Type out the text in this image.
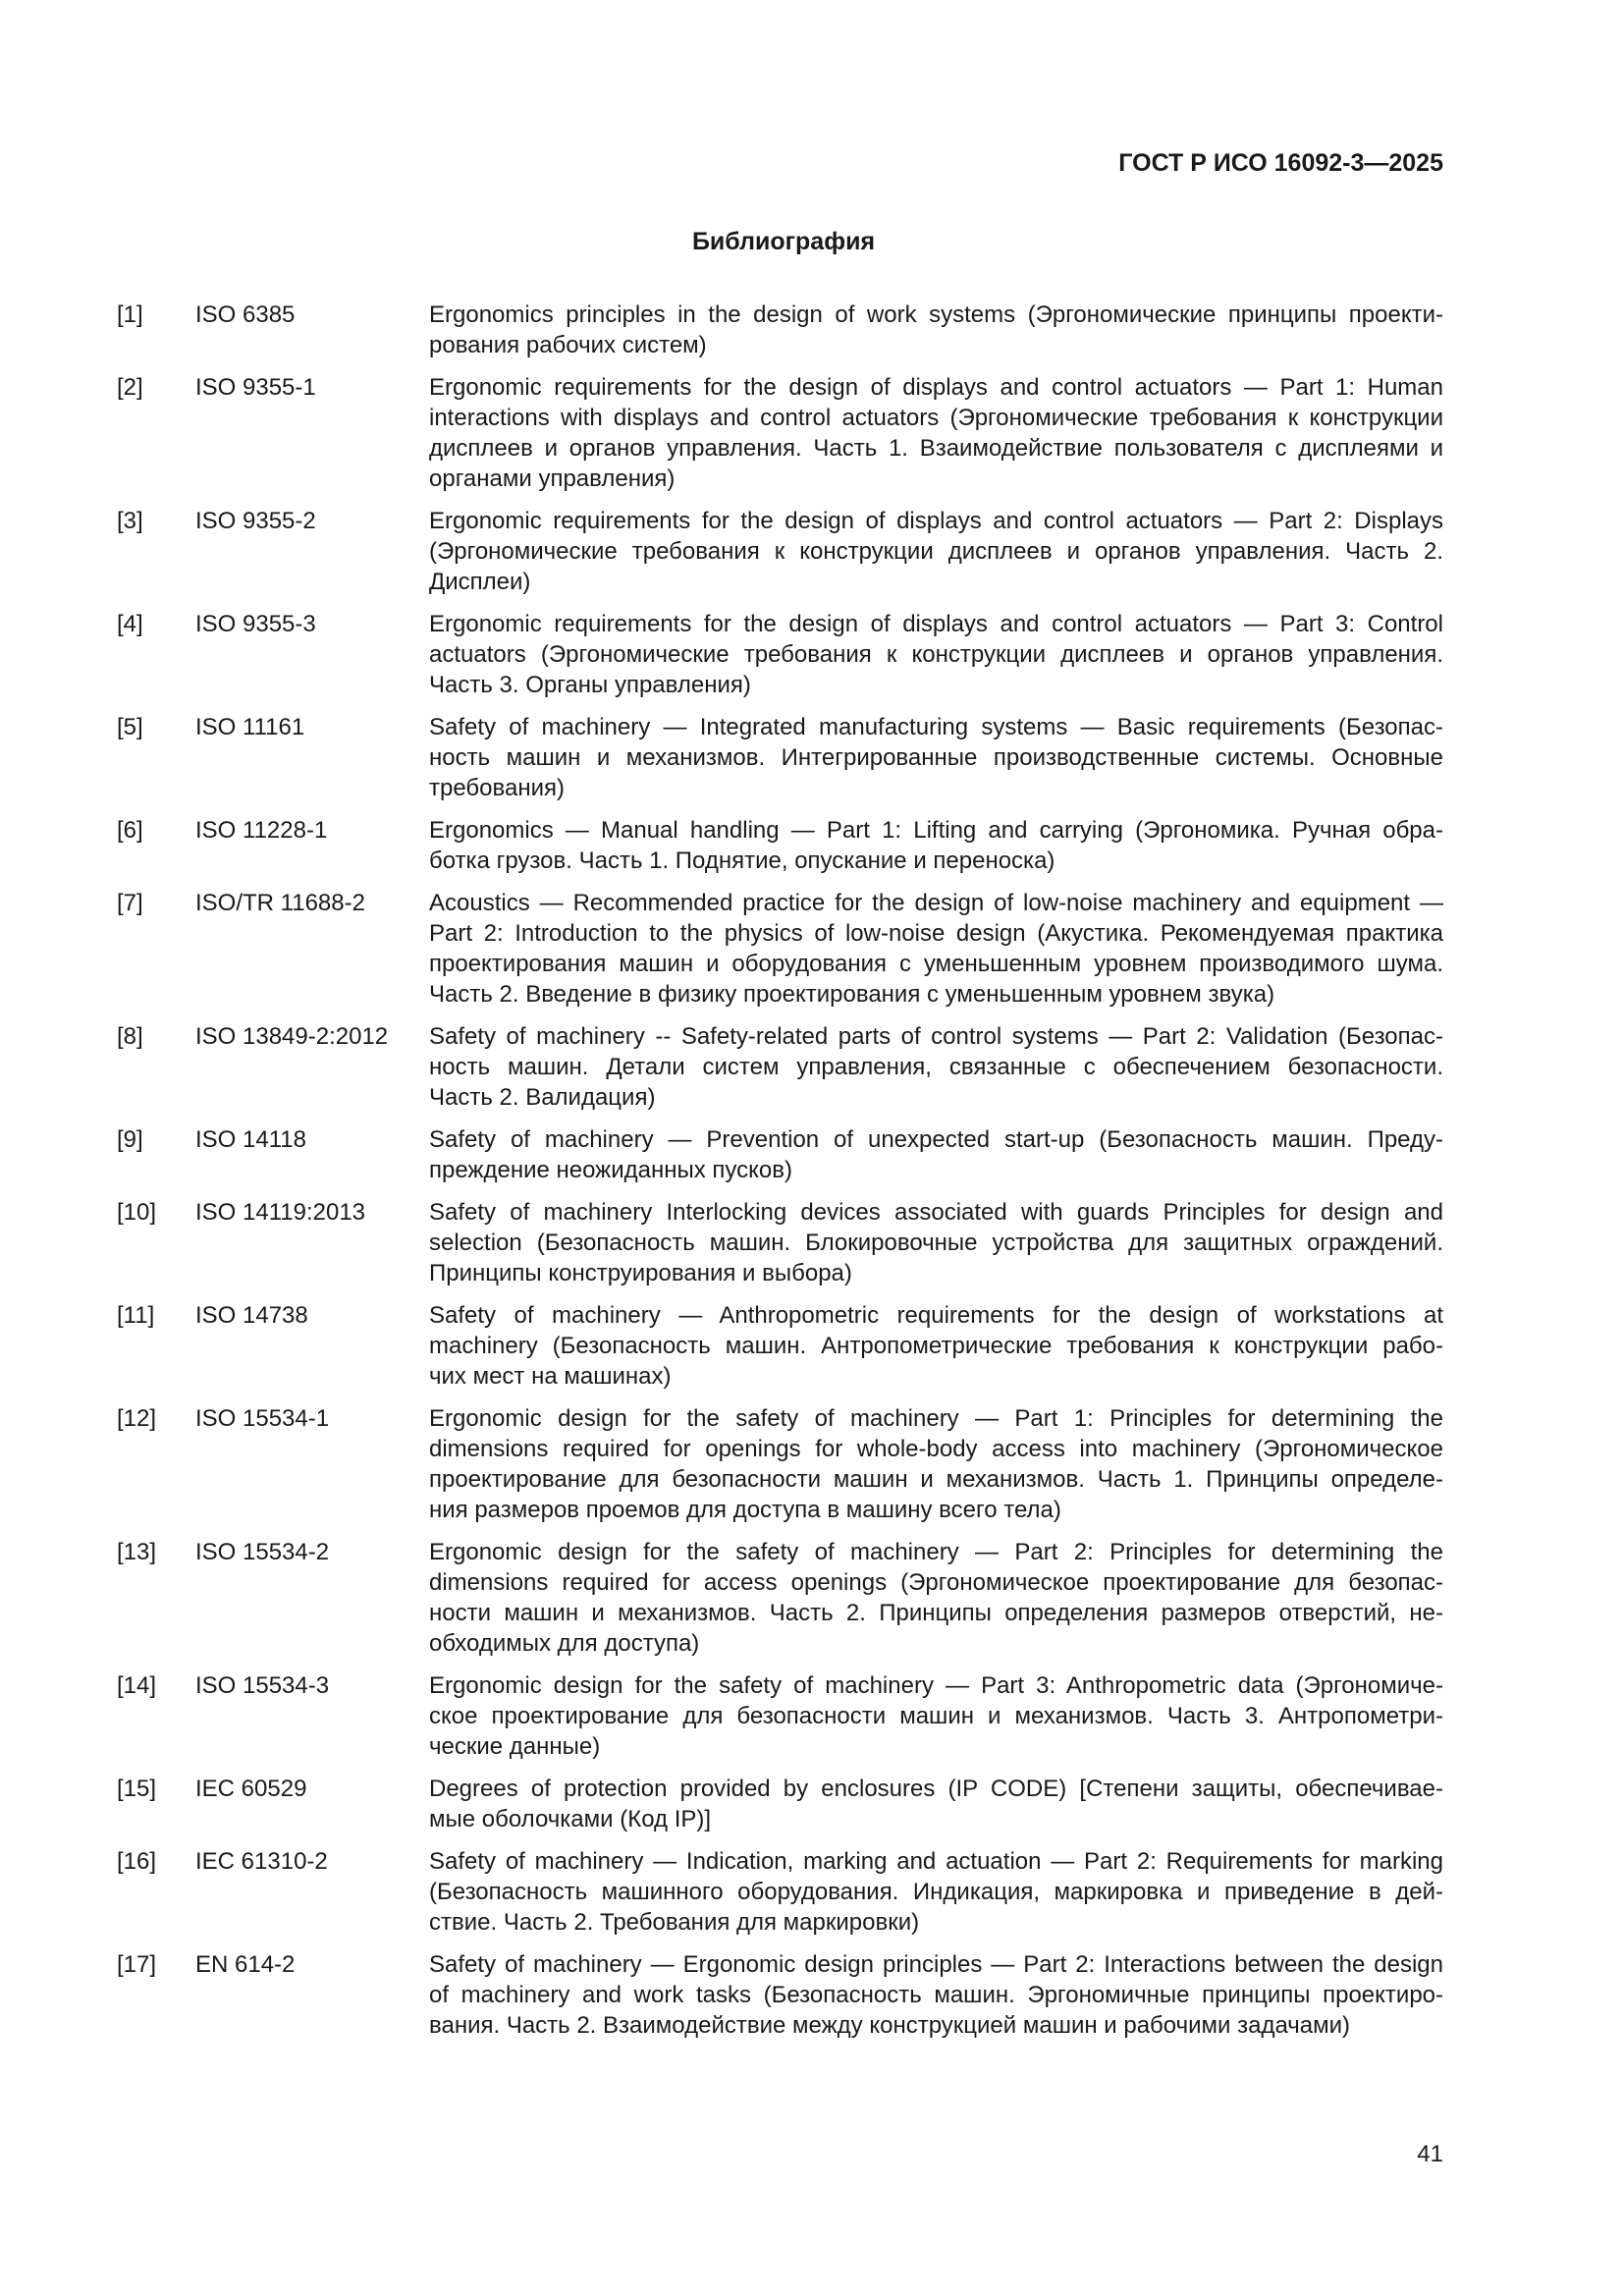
ГОСТ Р ИСО 16092-3—2025
Библиография
[1]	ISO 6385	Ergonomics principles in the design of work systems (Эргономические принципы проекти-
рования рабочих систем)
[2]	ISO 9355-1	Ergonomic requirements for the design of displays and control actuators — Part 1: Human
interactions with displays and control actuators (Эргономические требования к конструкции
дисплеев и органов управления. Часть 1. Взаимодействие пользователя с дисплеями и
органами управления)
[3]	ISO 9355-2	Ergonomic requirements for the design of displays and control actuators — Part 2: Displays
(Эргономические требования к конструкции дисплеев и органов управления. Часть 2.
Дисплеи)
[4]	ISO 9355-3	Ergonomic requirements for the design of displays and control actuators — Part 3: Control
actuators (Эргономические требования к конструкции дисплеев и органов управления.
Часть 3. Органы управления)
[5]	ISO 11161	Safety of machinery — Integrated manufacturing systems — Basic requirements (Безопас-
ность машин и механизмов. Интегрированные производственные системы. Основные
требования)
[6]	ISO 11228-1	Ergonomics — Manual handling — Part 1: Lifting and carrying (Эргономика. Ручная обра-
ботка грузов. Часть 1. Поднятие, опускание и переноска)
[7]	ISO/TR 11688-2	Acoustics — Recommended practice for the design of low-noise machinery and equipment —
Part 2: Introduction to the physics of low-noise design (Акустика. Рекомендуемая практика
проектирования машин и оборудования с уменьшенным уровнем производимого шума.
Часть 2. Введение в физику проектирования с уменьшенным уровнем звука)
[8]	ISO 13849-2:2012	Safety of machinery -- Safety-related parts of control systems — Part 2: Validation (Безопас-
ность машин. Детали систем управления, связанные с обеспечением безопасности.
Часть 2. Валидация)
[9]	ISO 14118	Safety of machinery — Prevention of unexpected start-up (Безопасность машин. Преду-
преждение неожиданных пусков)
[10]	ISO 14119:2013	Safety of machinery Interlocking devices associated with guards Principles for design and
selection (Безопасность машин. Блокировочные устройства для защитных ограждений.
Принципы конструирования и выбора)
[11]	ISO 14738	Safety of machinery — Anthropometric requirements for the design of workstations at
machinery (Безопасность машин. Антропометрические требования к конструкции рабо-
чих мест на машинах)
[12]	ISO 15534-1	Ergonomic design for the safety of machinery — Part 1: Principles for determining the
dimensions required for openings for whole-body access into machinery (Эргономическое
проектирование для безопасности машин и механизмов. Часть 1. Принципы определе-
ния размеров проемов для доступа в машину всего тела)
[13]	ISO 15534-2	Ergonomic design for the safety of machinery — Part 2: Principles for determining the
dimensions required for access openings (Эргономическое проектирование для безопас-
ности машин и механизмов. Часть 2. Принципы определения размеров отверстий, не-
обходимых для доступа)
[14]	ISO 15534-3	Ergonomic design for the safety of machinery — Part 3: Anthropometric data (Эргономиче-
ское проектирование для безопасности машин и механизмов. Часть 3. Антропометри-
ческие данные)
[15]	IEC 60529	Degrees of protection provided by enclosures (IP CODE) [Степени защиты, обеспечивае-
мые оболочками (Код IP)]
[16]	IEC 61310-2	Safety of machinery — Indication, marking and actuation — Part 2: Requirements for marking
(Безопасность машинного оборудования. Индикация, маркировка и приведение в дей-
ствие. Часть 2. Требования для маркировки)
[17]	EN 614-2	Safety of machinery — Ergonomic design principles — Part 2: Interactions between the design
of machinery and work tasks (Безопасность машин. Эргономичные принципы проектиро-
вания. Часть 2. Взаимодействие между конструкцией машин и рабочими задачами)
41
